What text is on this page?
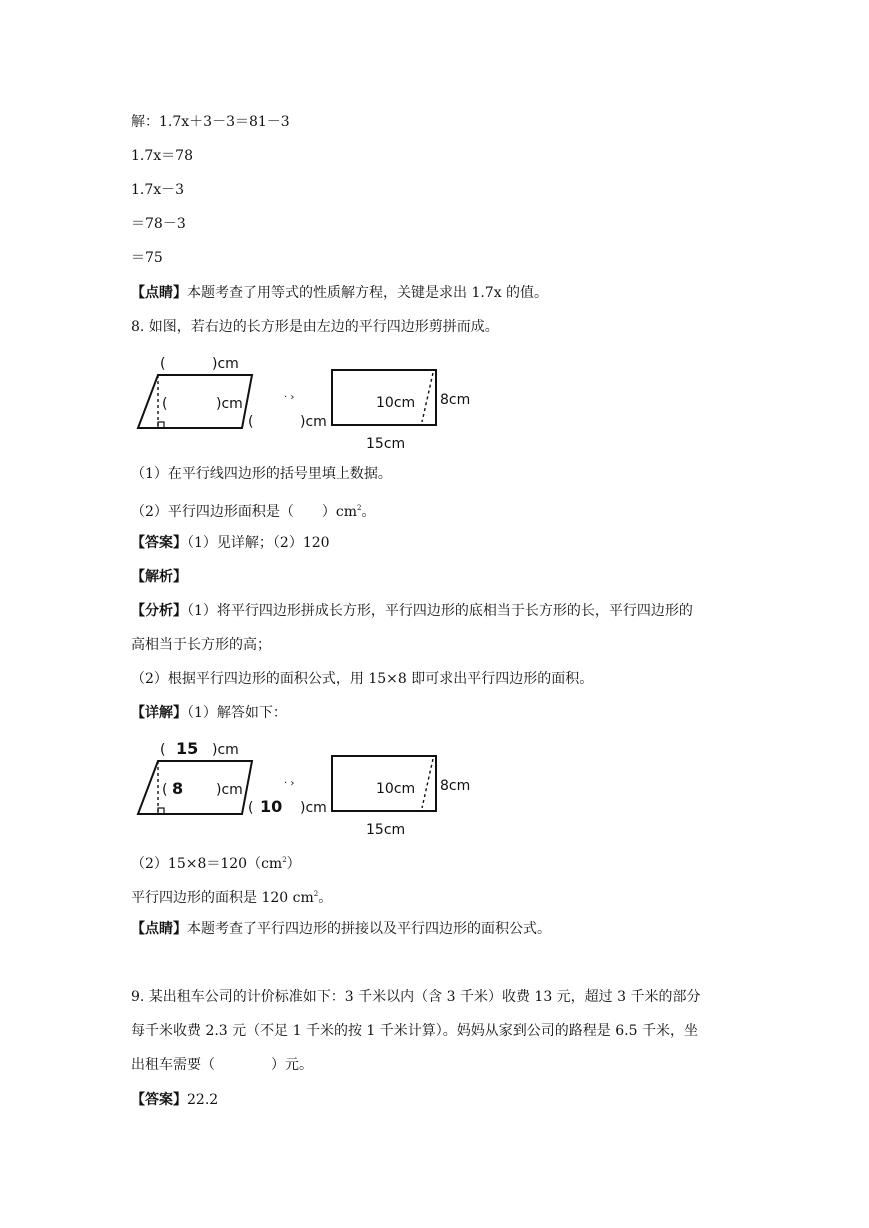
解：1.7x＋3－3＝81－3
1.7x＝78
1.7x－3
＝78－3
＝75
【点睛】本题考查了用等式的性质解方程，关键是求出 1.7x 的值。
8. 如图，若右边的长方形是由左边的平行四边形剪拼而成。
(	)cm
(	)cm
(
· ›
)cm
10cm 8cm
15cm
（1）在平行线四边形的括号里填上数据。
（2）平行四边形面积是（　　）$cm^2$。
【答案】（1）见详解；（2）120
【解析】
【分析】（1）将平行四边形拼成长方形，平行四边形的底相当于长方形的长，平行四边形的
高相当于长方形的高；
（2）根据平行四边形的面积公式，用 15×8 即可求出平行四边形的面积。
【详解】（1）解答如下：
( 15 )cm
( 8 )cm
( 10
· ›
)cm
10cm 8cm
15cm
$(2)15\times 8=120(cm^2)$
平行四边形的面积是 120 $cm^2$。
【点睛】本题考查了平行四边形的拼接以及平行四边形的面积公式。
9. 某出租车公司的计价标准如下：3 千米以内（含 3 千米）收费 13 元，超过 3 千米的部分
每千米收费 2.3 元（不足 1 千米的按 1 千米计算）。妈妈从家到公司的路程是 6.5 千米，坐
出租车需要（　　　　）元。
【答案】22.2
